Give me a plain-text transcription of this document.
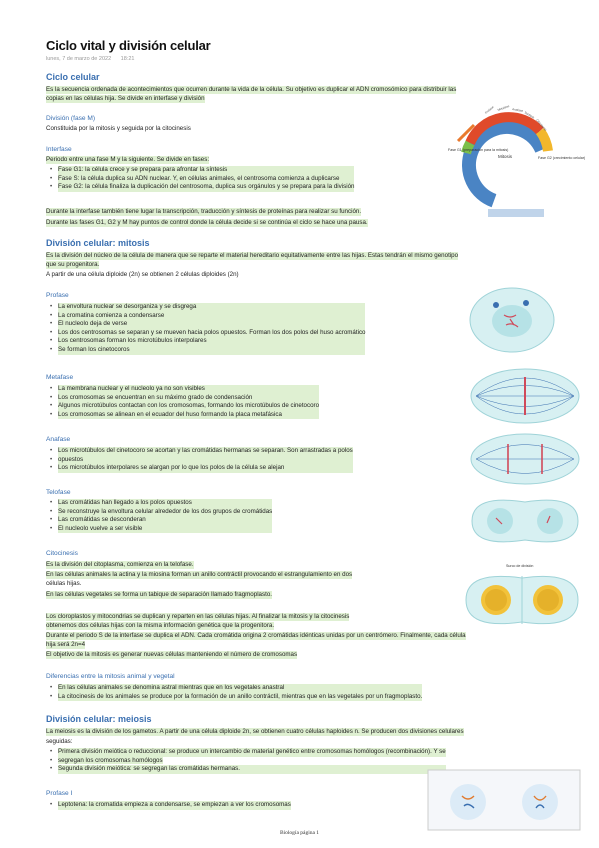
Ciclo vital y división celular
lunes, 7 de marzo de 2022 18:21
Ciclo celular
Es la secuencia ordenada de acontecimientos que ocurren durante la vida de la célula. Su objetivo es duplicar el ADN cromosómico para distribuir las
copias en las células hija. Se divide en interfase y división
División (fase M)
Constituida por la mitosis y seguida por la citocinesis
Interfase
Periodo entre una fase M y la siguiente. Se divide en fases:
• Fase G1: la célula crece y se prepara para afrontar la síntesis
• Fase S: la célula duplica su ADN nuclear. Y, en células animales, el centrosoma comienza a duplicarse
• Fase G2: la célula finaliza la duplicación del centrosoma, duplica sus orgánulos y se prepara para la división
Durante la interfase también tiene lugar la transcripción, traducción y síntesis de proteínas para realizar su función.
Durante las fases G1, G2 y M hay puntos de control donde la célula decide si se continúa el ciclo se hace una pausa.
Mitosis
Fase G1 (preparación para la mitosis)
Fase G2 (crecimiento celular)
Interfase
Fase S (síntesis de ADN)
Profase Metafase Anafase
Telofase
Citocinesis
División celular: mitosis
Es la división del núcleo de la célula de manera que se reparte el material hereditario equitativamente entre las hijas. Estas tendrán el mismo genotipo
que su progenitora.
A partir de una célula diploide (2n) se obtienen 2 células diploides (2n)
Profase
• La envoltura nuclear se desorganiza y se disgrega
• La cromatina comienza a condensarse
• El nucleolo deja de verse
• Los dos centrosomas se separan y se mueven hacia polos opuestos. Forman los dos polos del huso acromático
• Los centrosomas forman los microtúbulos interpolares
• Se forman los cinetocoros
Metafase
• La membrana nuclear y el nucleolo ya no son visibles
• Los cromosomas se encuentran en su máximo grado de condensación
• Algunos microtúbulos contactan con los cromosomas, formando los microtúbulos de cinetocoro
• Los cromosomas se alinean en el ecuador del huso formando la placa metafásica
Anafase
• Los microtúbulos del cinetocoro se acortan y las cromátidas hermanas se separan. Son arrastradas a polos
• opuestos
• Los microtúbulos interpolares se alargan por lo que los polos de la célula se alejan
Telofase
• Las cromátidas han llegado a los polos opuestos
• Se reconstruye la envoltura celular alrededor de los dos grupos de cromátidas
• Las cromátidas se desconderan
• El nucleolo vuelve a ser visible
Citocinesis
Es la división del citoplasma, comienza en la telofase.
En las células animales la actina y la miosina forman un anillo contráctil provocando el estrangulamiento en dos
células hijas.
En las células vegetales se forma un tabique de separación llamado fragmoplasto.
Los cloroplastos y mitocondrias se duplican y reparten en las células hijas. Al finalizar la mitosis y la citocinesis
obtenemos dos células hijas con la misma información genética que la progenitora.
Durante el periodo S de la interfase se duplica el ADN. Cada cromátida origina 2 cromátidas idénticas unidas por un centrómero. Finalmente, cada célula
hija será 2n=4
El objetivo de la mitosis es generar nuevas células manteniendo el número de cromosomas
Diferencias entre la mitosis animal y vegetal
• En las células animales se denomina astral mientras que en los vegetales anastral
• La citocinesis de los animales se produce por la formación de un anillo contráctil, mientras que en las vegetales por un fragmoplasto.
División celular: meiosis
La meiosis es la división de los gametos. A partir de una célula diploide 2n, se obtienen cuatro células haploides n. Se producen dos divisiones celulares
seguidas:
• Primera división meiótica o reduccional: se produce un intercambio de material genético entre cromosomas homólogos (recombinación). Y se
• segregan los cromosomas homólogos
• Segunda división meiótica: se segregan las cromátidas hermanas.
Profase I
• Leptotena: la cromatida empieza a condensarse, se empiezan a ver los cromosomas
Surco de división
Biología página 1
